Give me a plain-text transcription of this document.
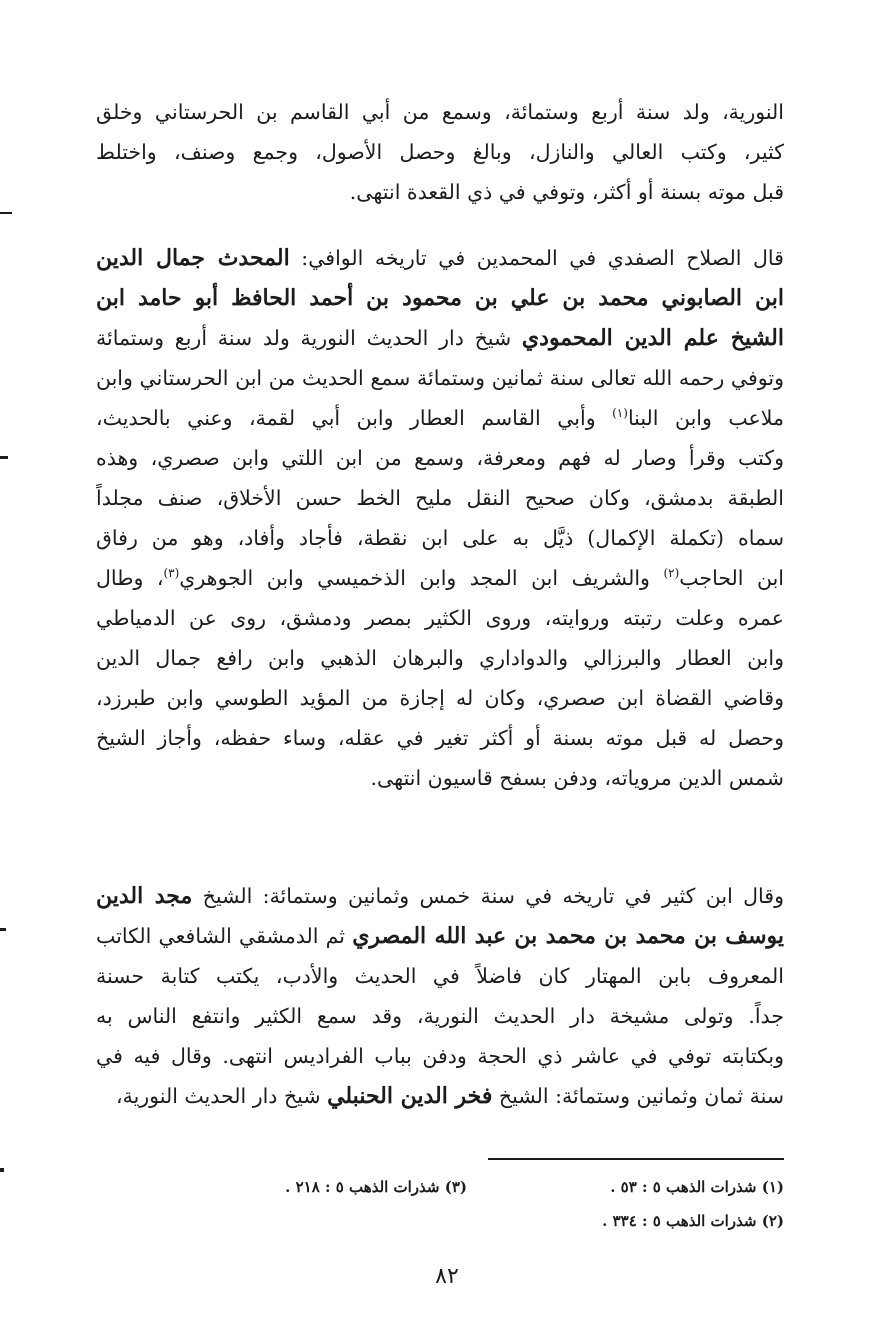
النورية، ولد سنة أربع وستمائة، وسمع من أبي القاسم بن الحرستاني وخلق
كثير، وكتب العالي والنازل، وبالغ وحصل الأصول، وجمع وصنف، واختلط
قبل موته بسنة أو أكثر، وتوفي في ذي القعدة انتهى.
قال الصلاح الصفدي في المحمدين في تاريخه الوافي: المحدث جمال الدين
ابن الصابوني محمد بن علي بن محمود بن أحمد الحافظ أبو حامد ابن
الشيخ علم الدين المحمودي شيخ دار الحديث النورية ولد سنة أربع وستمائة
وتوفي رحمه الله تعالى سنة ثمانين وستمائة سمع الحديث من ابن الحرستاني وابن
ملاعب وابن البنا$^{(١)}$ وأبي القاسم العطار وابن أبي لقمة، وعني بالحديث،
وكتب وقرأ وصار له فهم ومعرفة، وسمع من ابن اللتي وابن صصري، وهذه
الطبقة بدمشق، وكان صحيح النقل مليح الخط حسن الأخلاق، صنف مجلداً
سماه (تكملة الإكمال) ذيَّل به على ابن نقطة، فأجاد وأفاد، وهو من رفاق
ابن الحاجب$^{(٢)}$ والشريف ابن المجد وابن الذخميسي وابن الجوهري$^{(٣)}$، وطال
عمره وعلت رتبته وروايته، وروى الكثير بمصر ودمشق، روى عن الدمياطي
وابن العطار والبرزالي والدواداري والبرهان الذهبي وابن رافع جمال الدين
وقاضي القضاة ابن صصري، وكان له إجازة من المؤيد الطوسي وابن طبرزد،
وحصل له قبل موته بسنة أو أكثر تغير في عقله، وساء حفظه، وأجاز الشيخ
شمس الدين مروياته، ودفن بسفح قاسيون انتهى.
وقال ابن كثير في تاريخه في سنة خمس وثمانين وستمائة: الشيخ مجد الدين
يوسف بن محمد بن محمد بن عبد الله المصري ثم الدمشقي الشافعي الكاتب
المعروف بابن المهتار كان فاضلاً في الحديث والأدب، يكتب كتابة حسنة
جداً. وتولى مشيخة دار الحديث النورية، وقد سمع الكثير وانتفع الناس به
وبكتابته توفي في عاشر ذي الحجة ودفن بباب الفراديس انتهى. وقال فيه في
سنة ثمان وثمانين وستمائة: الشيخ فخر الدين الحنبلي شيخ دار الحديث النورية،
(١) شذرات الذهب ٥ : ٥٣ .
(٣) شذرات الذهب ٥ : ٢١٨ .
(٢) شذرات الذهب ٥ : ٣٣٤ .
٨٢
